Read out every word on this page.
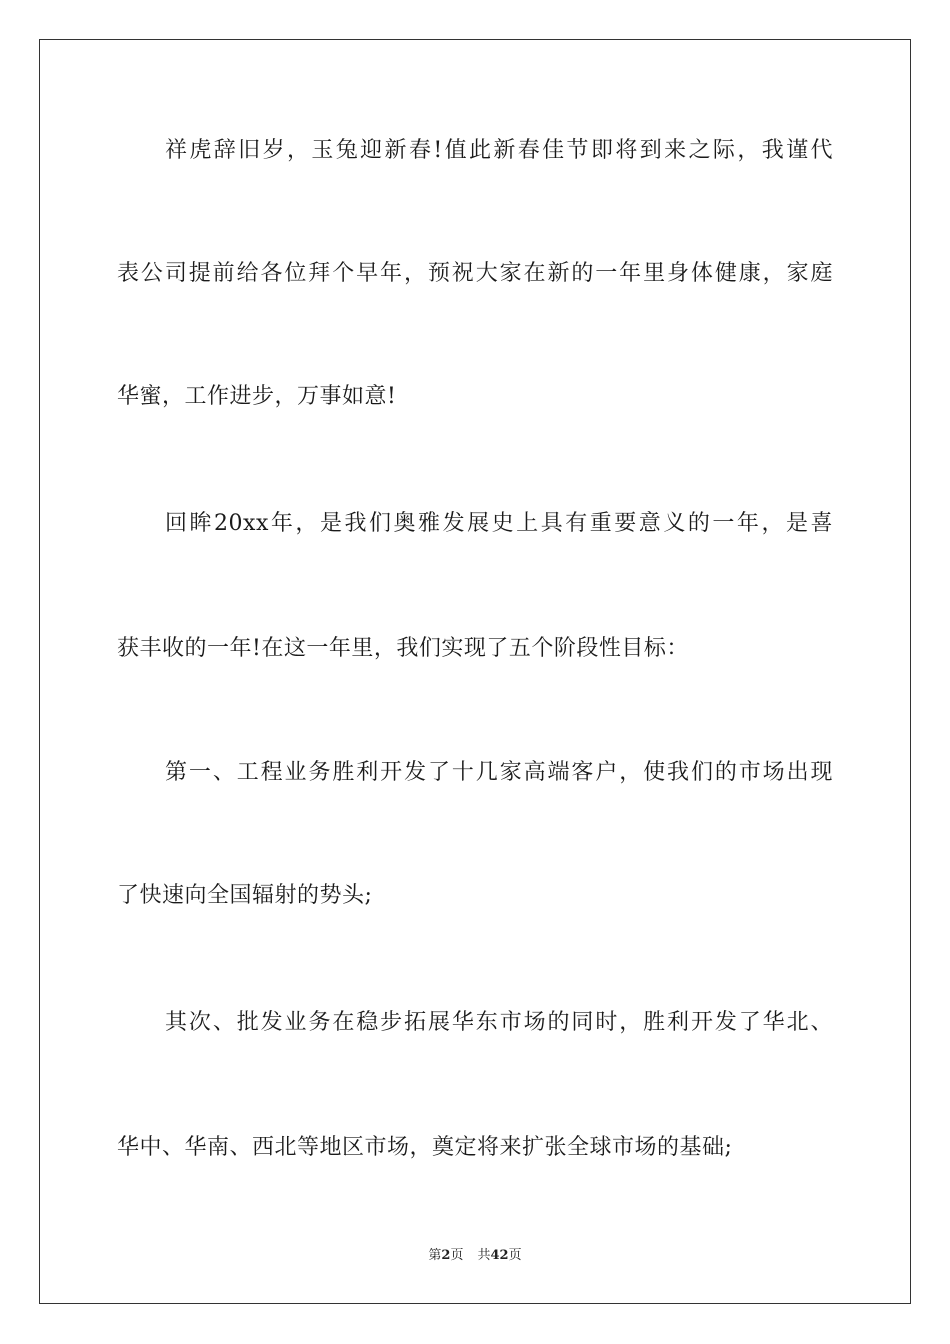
祥虎辞旧岁，玉兔迎新春!值此新春佳节即将到来之际，我谨代
表公司提前给各位拜个早年，预祝大家在新的一年里身体健康，家庭
华蜜，工作进步，万事如意!
回眸20xx年，是我们奥雅发展史上具有重要意义的一年，是喜
获丰收的一年!在这一年里，我们实现了五个阶段性目标：
第一、工程业务胜利开发了十几家高端客户，使我们的市场出现
了快速向全国辐射的势头;
其次、批发业务在稳步拓展华东市场的同时，胜利开发了华北、
华中、华南、西北等地区市场，奠定将来扩张全球市场的基础;
第2页 共42页
